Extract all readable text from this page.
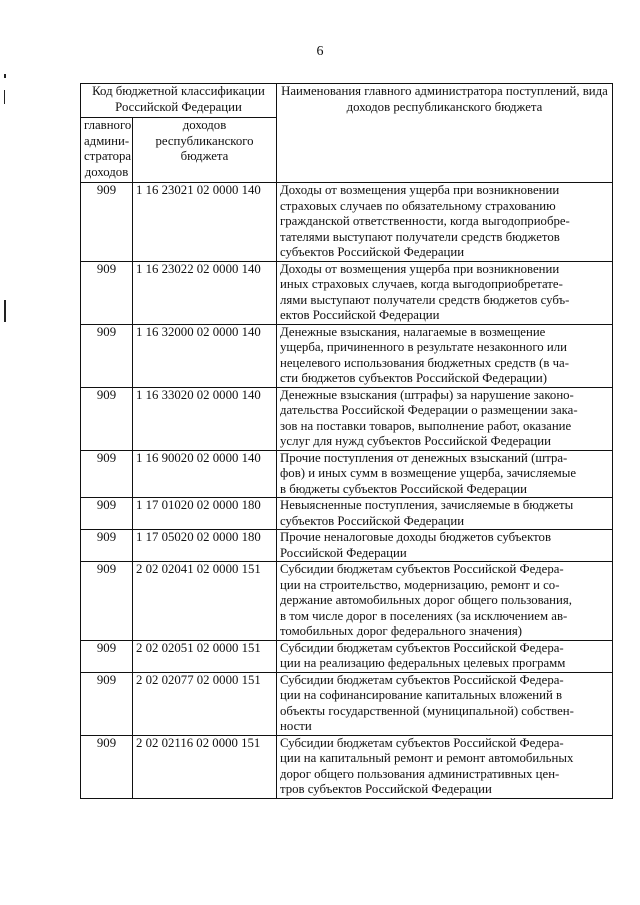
6
Код бюджетной классификации Российской Федерации		Наименования главного администратора поступлений, вида доходов республиканского бюджета
главного админи-стратора доходов	доходов республиканского бюджета	
909	1 16 23021 02 0000 140	Доходы от возмещения ущерба при возникновении
страховых случаев по обязательному страхованию
гражданской ответственности, когда выгодоприобре-
тателями выступают получатели средств бюджетов
субъектов Российской Федерации

909	1 16 23022 02 0000 140	Доходы от возмещения ущерба при возникновении
иных страховых случаев, когда выгодоприобретате-
лями выступают получатели средств бюджетов субъ-
ектов Российской Федерации

909	1 16 32000 02 0000 140	Денежные взыскания, налагаемые в возмещение
ущерба, причиненного в результате незаконного или
нецелевого использования бюджетных средств (в ча-
сти бюджетов субъектов Российской Федерации)

909	1 16 33020 02 0000 140	Денежные взыскания (штрафы) за нарушение законо-
дательства Российской Федерации о размещении зака-
зов на поставки товаров, выполнение работ, оказание
услуг для нужд субъектов Российской Федерации

909	1 16 90020 02 0000 140	Прочие поступления от денежных взысканий (штра-
фов) и иных сумм в возмещение ущерба, зачисляемые
в бюджеты субъектов Российской Федерации

909	1 17 01020 02 0000 180	Невыясненные поступления, зачисляемые в бюджеты
субъектов Российской Федерации

909	1 17 05020 02 0000 180	Прочие неналоговые доходы бюджетов субъектов
Российской Федерации

909	2 02 02041 02 0000 151	Субсидии бюджетам субъектов Российской Федера-
ции на строительство, модернизацию, ремонт и со-
держание автомобильных дорог общего пользования,
в том числе дорог в поселениях (за исключением ав-
томобильных дорог федерального значения)

909	2 02 02051 02 0000 151	Субсидии бюджетам субъектов Российской Федера-
ции на реализацию федеральных целевых программ

909	2 02 02077 02 0000 151	Субсидии бюджетам субъектов Российской Федера-
ции на софинансирование капитальных вложений в
объекты государственной (муниципальной) собствен-
ности

909	2 02 02116 02 0000 151	Субсидии бюджетам субъектов Российской Федера-
ции на капитальный ремонт и ремонт автомобильных
дорог общего пользования административных цен-
тров субъектов Российской Федерации
